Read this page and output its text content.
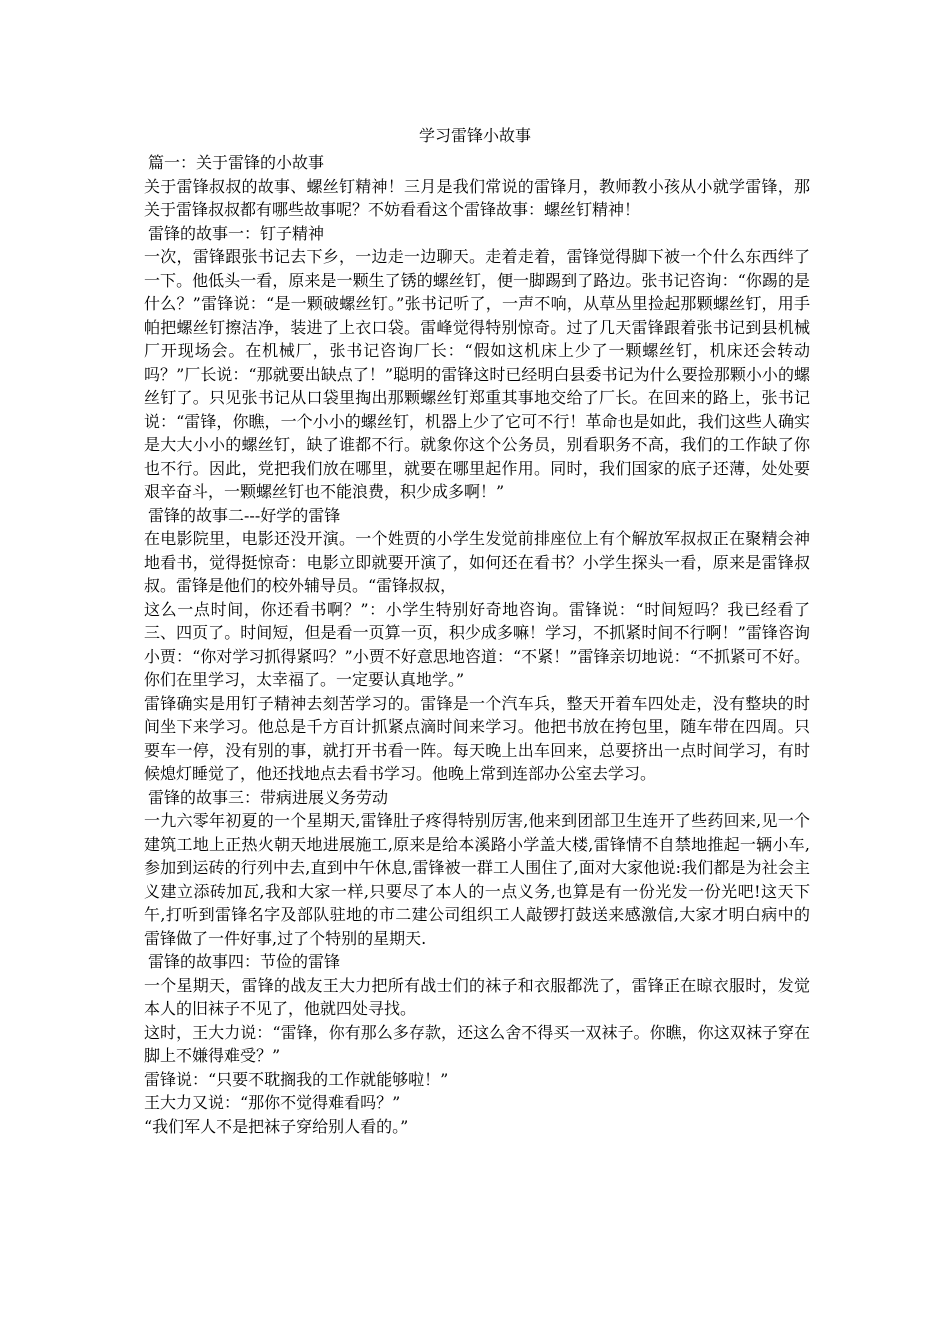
学习雷锋小故事

篇一：关于雷锋的小故事

关于雷锋叔叔的故事、螺丝钉精神！三月是我们常说的雷锋月，教师教小孩从小就学雷锋，那关于雷锋叔叔都有哪些故事呢？不妨看看这个雷锋故事：螺丝钉精神！

雷锋的故事一：钉子精神

一次，雷锋跟张书记去下乡，一边走一边聊天。走着走着，雷锋觉得脚下被一个什么东西绊了一下。他低头一看，原来是一颗生了锈的螺丝钉，便一脚踢到了路边。张书记咨询：“你踢的是什么？”雷锋说：“是一颗破螺丝钉。”张书记听了，一声不响，从草丛里捡起那颗螺丝钉，用手帕把螺丝钉擦洁净，装进了上衣口袋。雷峰觉得特别惊奇。过了几天雷锋跟着张书记到县机械厂开现场会。在机械厂，张书记咨询厂长：“假如这机床上少了一颗螺丝钉，机床还会转动吗？”厂长说：“那就要出缺点了！”聪明的雷锋这时已经明白县委书记为什么要捡那颗小小的螺丝钉了。只见张书记从口袋里掏出那颗螺丝钉郑重其事地交给了厂长。在回来的路上，张书记说：“雷锋，你瞧，一个小小的螺丝钉，机器上少了它可不行！革命也是如此，我们这些人确实是大大小小的螺丝钉，缺了谁都不行。就象你这个公务员，别看职务不高，我们的工作缺了你也不行。因此，党把我们放在哪里，就要在哪里起作用。同时，我们国家的底子还薄，处处要艰辛奋斗，一颗螺丝钉也不能浪费，积少成多啊！”

雷锋的故事二---好学的雷锋

在电影院里，电影还没开演。一个姓贾的小学生发觉前排座位上有个解放军叔叔正在聚精会神地看书，觉得挺惊奇：电影立即就要开演了，如何还在看书？小学生探头一看，原来是雷锋叔叔。雷锋是他们的校外辅导员。“雷锋叔叔，

这么一点时间，你还看书啊？”：小学生特别好奇地咨询。雷锋说：“时间短吗？我已经看了三、四页了。时间短，但是看一页算一页，积少成多嘛！学习，不抓紧时间不行啊！”雷锋咨询小贾：“你对学习抓得紧吗？”小贾不好意思地咨道：“不紧！”雷锋亲切地说：“不抓紧可不好。你们在里学习，太幸福了。一定要认真地学。”

雷锋确实是用钉子精神去刻苦学习的。雷锋是一个汽车兵，整天开着车四处走，没有整块的时间坐下来学习。他总是千方百计抓紧点滴时间来学习。他把书放在挎包里，随车带在四周。只要车一停，没有别的事，就打开书看一阵。每天晚上出车回来，总要挤出一点时间学习，有时候熄灯睡觉了，他还找地点去看书学习。他晚上常到连部办公室去学习。

雷锋的故事三：带病进展义务劳动

一九六零年初夏的一个星期天,雷锋肚子疼得特别厉害,他来到团部卫生连开了些药回来,见一个建筑工地上正热火朝天地进展施工,原来是给本溪路小学盖大楼,雷锋情不自禁地推起一辆小车,参加到运砖的行列中去,直到中午休息,雷锋被一群工人围住了,面对大家他说:我们都是为社会主义建立添砖加瓦,我和大家一样,只要尽了本人的一点义务,也算是有一份光发一份光吧!这天下午,打听到雷锋名字及部队驻地的市二建公司组织工人敲锣打鼓送来感激信,大家才明白病中的雷锋做了一件好事,过了个特别的星期天.

雷锋的故事四：节俭的雷锋

一个星期天，雷锋的战友王大力把所有战士们的袜子和衣服都洗了，雷锋正在晾衣服时，发觉本人的旧袜子不见了，他就四处寻找。

这时，王大力说：“雷锋，你有那么多存款，还这么舍不得买一双袜子。你瞧，你这双袜子穿在脚上不嫌得难受？”

雷锋说：“只要不耽搁我的工作就能够啦！”

王大力又说：“那你不觉得难看吗？”

“我们军人不是把袜子穿给别人看的。”
